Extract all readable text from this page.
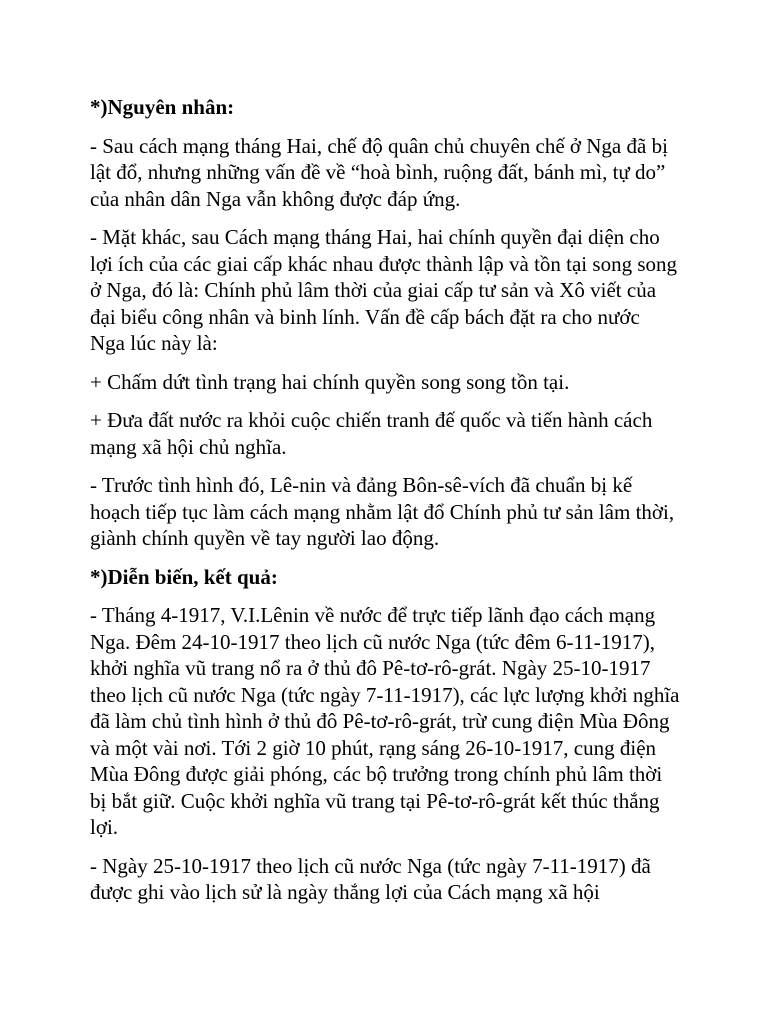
*)Nguyên nhân:

- Sau cách mạng tháng Hai, chế độ quân chủ chuyên chế ở Nga đã bị lật đổ, nhưng những vấn đề về “hoà bình, ruộng đất, bánh mì, tự do” của nhân dân Nga vẫn không được đáp ứng.

- Mặt khác, sau Cách mạng tháng Hai, hai chính quyền đại diện cho lợi ích của các giai cấp khác nhau được thành lập và tồn tại song song ở Nga, đó là: Chính phủ lâm thời của giai cấp tư sản và Xô viết của đại biểu công nhân và binh lính. Vấn đề cấp bách đặt ra cho nước Nga lúc này là:

+ Chấm dứt tình trạng hai chính quyền song song tồn tại.

+ Đưa đất nước ra khỏi cuộc chiến tranh đế quốc và tiến hành cách mạng xã hội chủ nghĩa.

- Trước tình hình đó, Lê-nin và đảng Bôn-sê-vích đã chuẩn bị kế hoạch tiếp tục làm cách mạng nhằm lật đổ Chính phủ tư sản lâm thời, giành chính quyền về tay người lao động.

*)Diễn biến, kết quả:

- Tháng 4-1917, V.I.Lênin về nước để trực tiếp lãnh đạo cách mạng Nga. Đêm 24-10-1917 theo lịch cũ nước Nga (tức đêm 6-11-1917), khởi nghĩa vũ trang nổ ra ở thủ đô Pê-tơ-rô-grát. Ngày 25-10-1917 theo lịch cũ nước Nga (tức ngày 7-11-1917), các lực lượng khởi nghĩa đã làm chủ tình hình ở thủ đô Pê-tơ-rô-grát, trừ cung điện Mùa Đông và một vài nơi. Tới 2 giờ 10 phút, rạng sáng 26-10-1917, cung điện Mùa Đông được giải phóng, các bộ trưởng trong chính phủ lâm thời bị bắt giữ. Cuộc khởi nghĩa vũ trang tại Pê-tơ-rô-grát kết thúc thắng lợi.

- Ngày 25-10-1917 theo lịch cũ nước Nga (tức ngày 7-11-1917) đã được ghi vào lịch sử là ngày thắng lợi của Cách mạng xã hội
